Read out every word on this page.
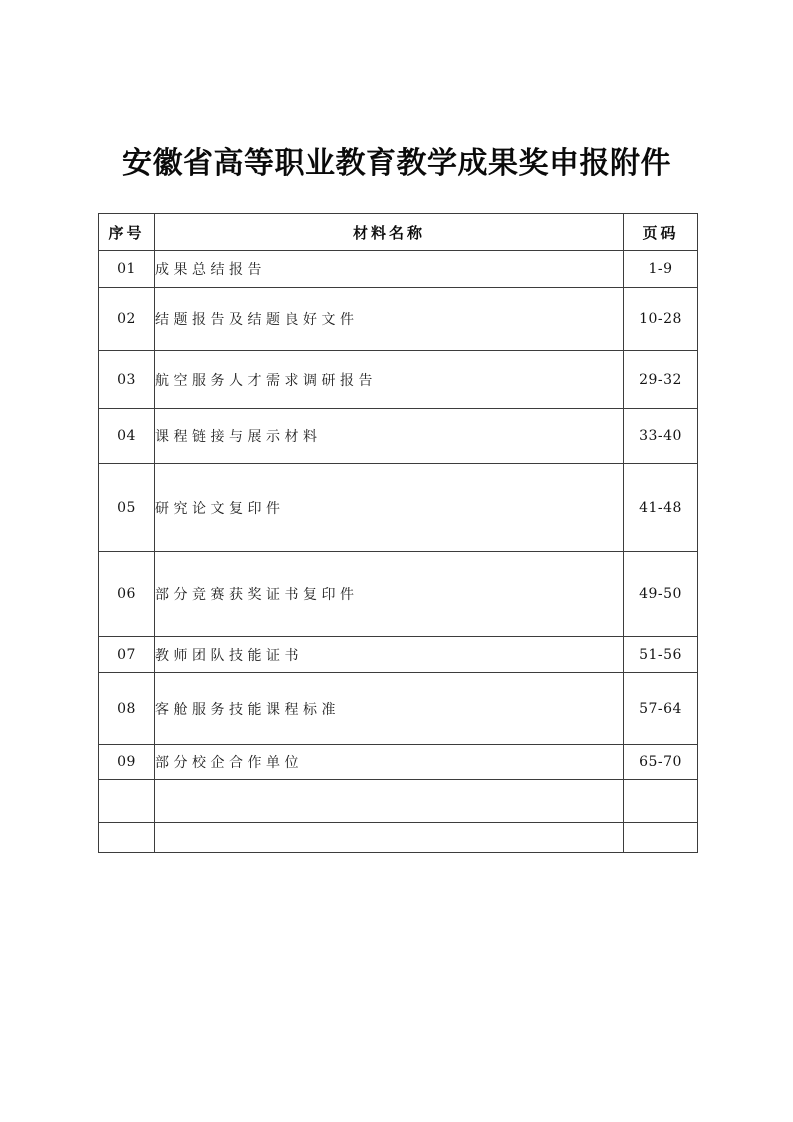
安徽省高等职业教育教学成果奖申报附件
序号	材料名称	页码
01	成果总结报告	1-9
02	结题报告及结题良好文件	10-28
03	航空服务人才需求调研报告	29-32
04	课程链接与展示材料	33-40
05	研究论文复印件	41-48
06	部分竞赛获奖证书复印件	49-50
07	教师团队技能证书	51-56
08	客舱服务技能课程标准	57-64
09	部分校企合作单位	65-70
